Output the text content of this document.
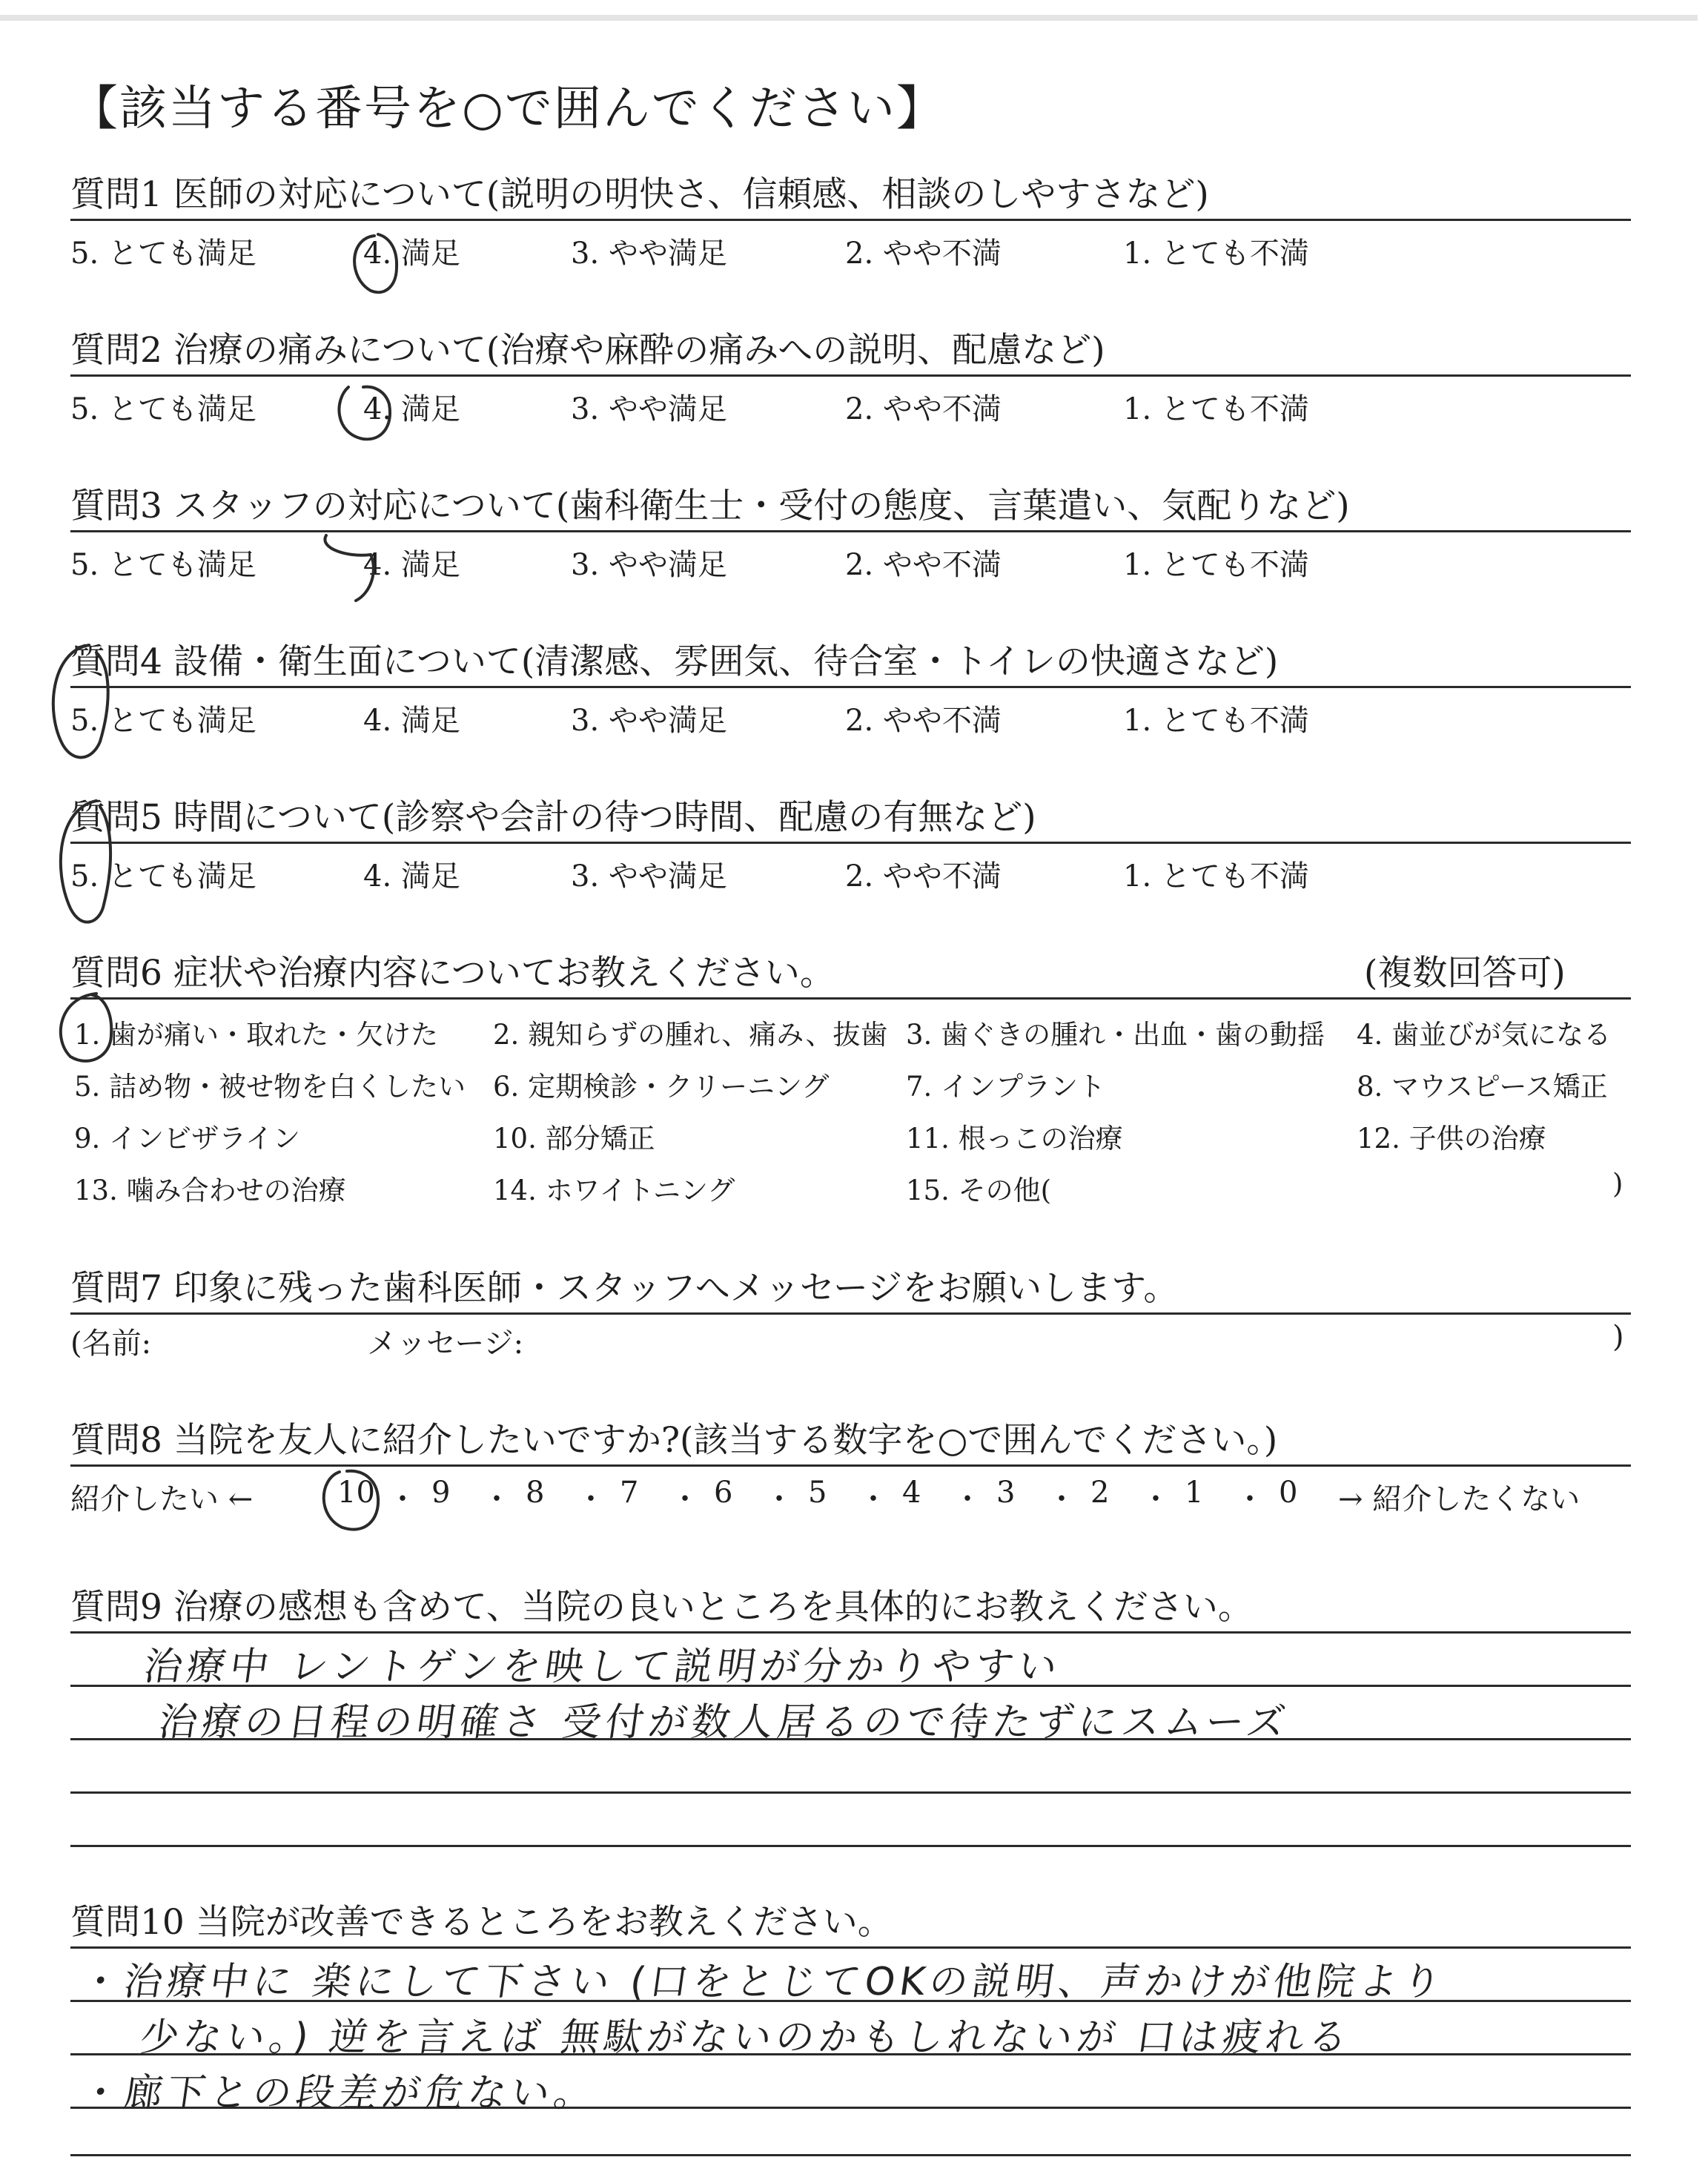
【該当する番号を○で囲んでください】
質問1 医師の対応について(説明の明快さ、信頼感、相談のしやすさなど)
5. とても満足	4. 満足	3. やや満足	2. やや不満	1. とても不満
質問2 治療の痛みについて(治療や麻酔の痛みへの説明、配慮など)
5. とても満足	4. 満足	3. やや満足	2. やや不満	1. とても不満
質問3 スタッフの対応について(歯科衛生士・受付の態度、言葉遣い、気配りなど)
5. とても満足	4. 満足	3. やや満足	2. やや不満	1. とても不満
質問4 設備・衛生面について(清潔感、雰囲気、待合室・トイレの快適さなど)
5. とても満足	4. 満足	3. やや満足	2. やや不満	1. とても不満
質問5 時間について(診察や会計の待つ時間、配慮の有無など)
5. とても満足	4. 満足	3. やや満足	2. やや不満	1. とても不満
質問6 症状や治療内容についてお教えください。	(複数回答可)
1. 歯が痛い・取れた・欠けた 2. 親知らずの腫れ、痛み、抜歯 3. 歯ぐきの腫れ・出血・歯の動揺 4. 歯並びが気になる
5. 詰め物・被せ物を白くしたい 6. 定期検診・クリーニング	7. インプラント	8. マウスピース矯正
9. インビザライン	10. 部分矯正	11. 根っこの治療	12. 子供の治療
13. 噛み合わせの治療	14. ホワイトニング	15. その他(	)
質問7 印象に残った歯科医師・スタッフへメッセージをお願いします。
(名前:	メッセージ:	)
質問8 当院を友人に紹介したいですか?(該当する数字を○で囲んでください。)
紹介したい ←	10 ・ 9 ・ 8 ・ 7 ・ 6 ・ 5 ・ 4 ・ 3 ・ 2 ・ 1 ・ 0 → 紹介したくない
質問9 治療の感想も含めて、当院の良いところを具体的にお教えください。
治療中 レントゲンを映して説明が分かりやすい
治療の日程の明確さ 受付が数人居るので待たずにスムーズ
質問10 当院が改善できるところをお教えください。
・治療中に 楽にして下さい (口をとじてOKの説明、声かけが他院より
少ない。) 逆を言えば 無駄がないのかもしれないが 口は疲れる
・廊下との段差が危ない。
